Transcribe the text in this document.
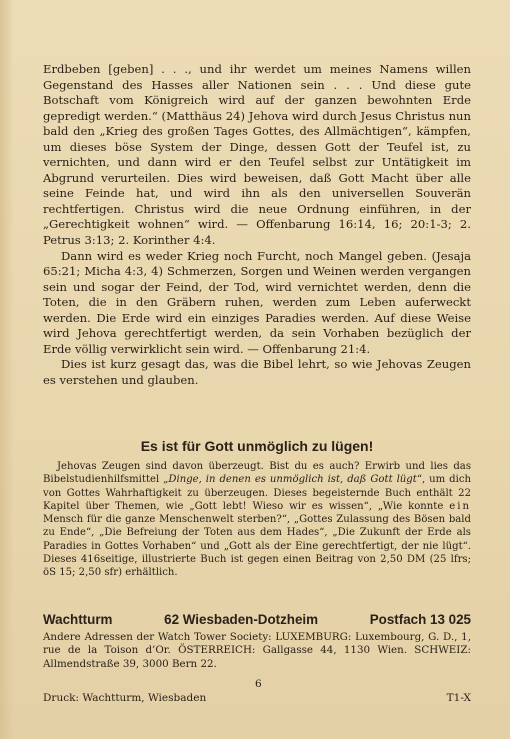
Erdbeben [geben] . . ., und ihr werdet um meines Namens willen Gegenstand des Hasses aller Nationen sein . . . Und diese gute Botschaft vom Königreich wird auf der ganzen bewohnten Erde gepredigt werden.“ (Matthäus 24) Jehova wird durch Jesus Christus nun bald den „Krieg des großen Tages Gottes, des Allmächtigen“, kämpfen, um dieses böse System der Dinge, dessen Gott der Teufel ist, zu vernichten, und dann wird er den Teufel selbst zur Untätigkeit im Abgrund verurteilen. Dies wird beweisen, daß Gott Macht über alle seine Feinde hat, und wird ihn als den universellen Souverän rechtfertigen. Christus wird die neue Ordnung einführen, in der „Gerechtigkeit wohnen“ wird. — Offenbarung 16:14, 16; 20:1-3; 2. Petrus 3:13; 2. Korinther 4:4.

Dann wird es weder Krieg noch Furcht, noch Mangel geben. (Jesaja 65:21; Micha 4:3, 4) Schmerzen, Sorgen und Weinen werden vergangen sein und sogar der Feind, der Tod, wird vernichtet werden, denn die Toten, die in den Gräbern ruhen, werden zum Leben auferweckt werden. Die Erde wird ein einziges Paradies werden. Auf diese Weise wird Jehova gerechtfertigt werden, da sein Vorhaben bezüglich der Erde völlig verwirklicht sein wird. — Offenbarung 21:4.

Dies ist kurz gesagt das, was die Bibel lehrt, so wie Jehovas Zeugen es verstehen und glauben.

Es ist für Gott unmöglich zu lügen!

Jehovas Zeugen sind davon überzeugt. Bist du es auch? Erwirb und lies das Bibelstudienhilfsmittel „Dinge, in denen es unmöglich ist, daß Gott lügt“, um dich von Gottes Wahrhaftigkeit zu überzeugen. Dieses begeisterndе Buch enthält 22 Kapitel über Themen, wie „Gott lebt! Wieso wir es wissen“, „Wie konnte ein Mensch für die ganze Menschenwelt sterben?“, „Gottes Zulassung des Bösen bald zu Ende“, „Die Befreiung der Toten aus dem Hades“, „Die Zukunft der Erde als Paradies in Gottes Vorhaben“ und „Gott als der Eine gerechtfertigt, der nie lügt“. Dieses 416seitige, illustrierte Buch ist gegen einen Beitrag von 2,50 DM (25 lfrs; öS 15; 2,50 sfr) erhältlich.

Wachtturm	62 Wiesbaden-Dotzheim	Postfach 13 025
Andere Adressen der Watch Tower Society: LUXEMBURG: Luxembourg, G. D., 1, rue de la Toison d’Or. ÖSTERREICH: Gallgasse 44, 1130 Wien. SCHWEIZ: Allmendstraße 39, 3000 Bern 22.
6
Druck: Wachtturm, Wiesbaden	T1-X
